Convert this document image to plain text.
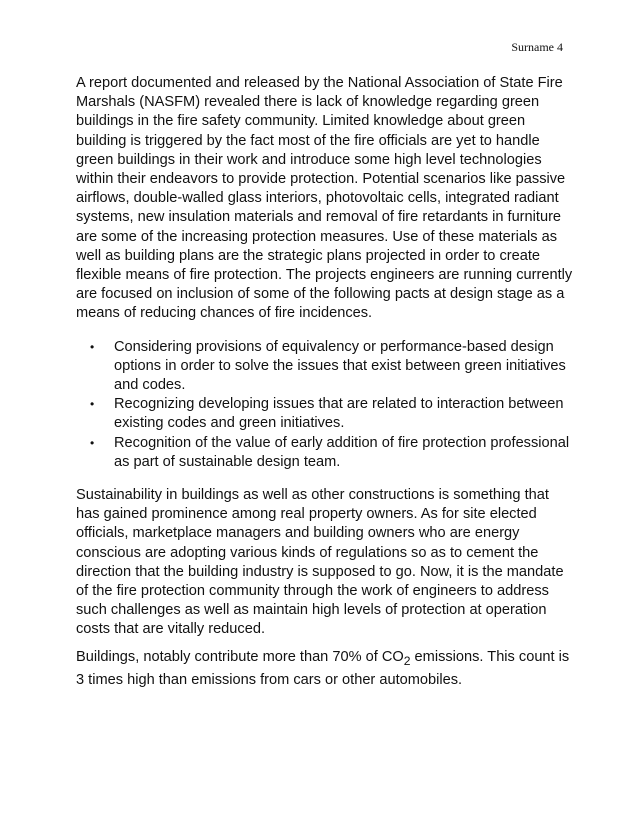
Surname 4

A report documented and released by the National Association of State Fire Marshals (NASFM) revealed there is lack of knowledge regarding green buildings in the fire safety community. Limited knowledge about green building is triggered by the fact most of the fire officials are yet to handle green buildings in their work and introduce some high level technologies within their endeavors to provide protection. Potential scenarios like passive airflows, double-walled glass interiors, photovoltaic cells, integrated radiant systems, new insulation materials and removal of fire retardants in furniture are some of the increasing protection measures. Use of these materials as well as building plans are the strategic plans projected in order to create flexible means of fire protection. The projects engineers are running currently are focused on inclusion of some of the following pacts at design stage as a means of reducing chances of fire incidences.

• Considering provisions of equivalency or performance-based design options in order to solve the issues that exist between green initiatives and codes.
• Recognizing developing issues that are related to interaction between existing codes and green initiatives.
• Recognition of the value of early addition of fire protection professional as part of sustainable design team.

Sustainability in buildings as well as other constructions is something that has gained prominence among real property owners. As for site elected officials, marketplace managers and building owners who are energy conscious are adopting various kinds of regulations so as to cement the direction that the building industry is supposed to go. Now, it is the mandate of the fire protection community through the work of engineers to address such challenges as well as maintain high levels of protection at operation costs that are vitally reduced.

Buildings, notably contribute more than 70% of $CO_2$ emissions. This count is 3 times high than emissions from cars or other automobiles.
